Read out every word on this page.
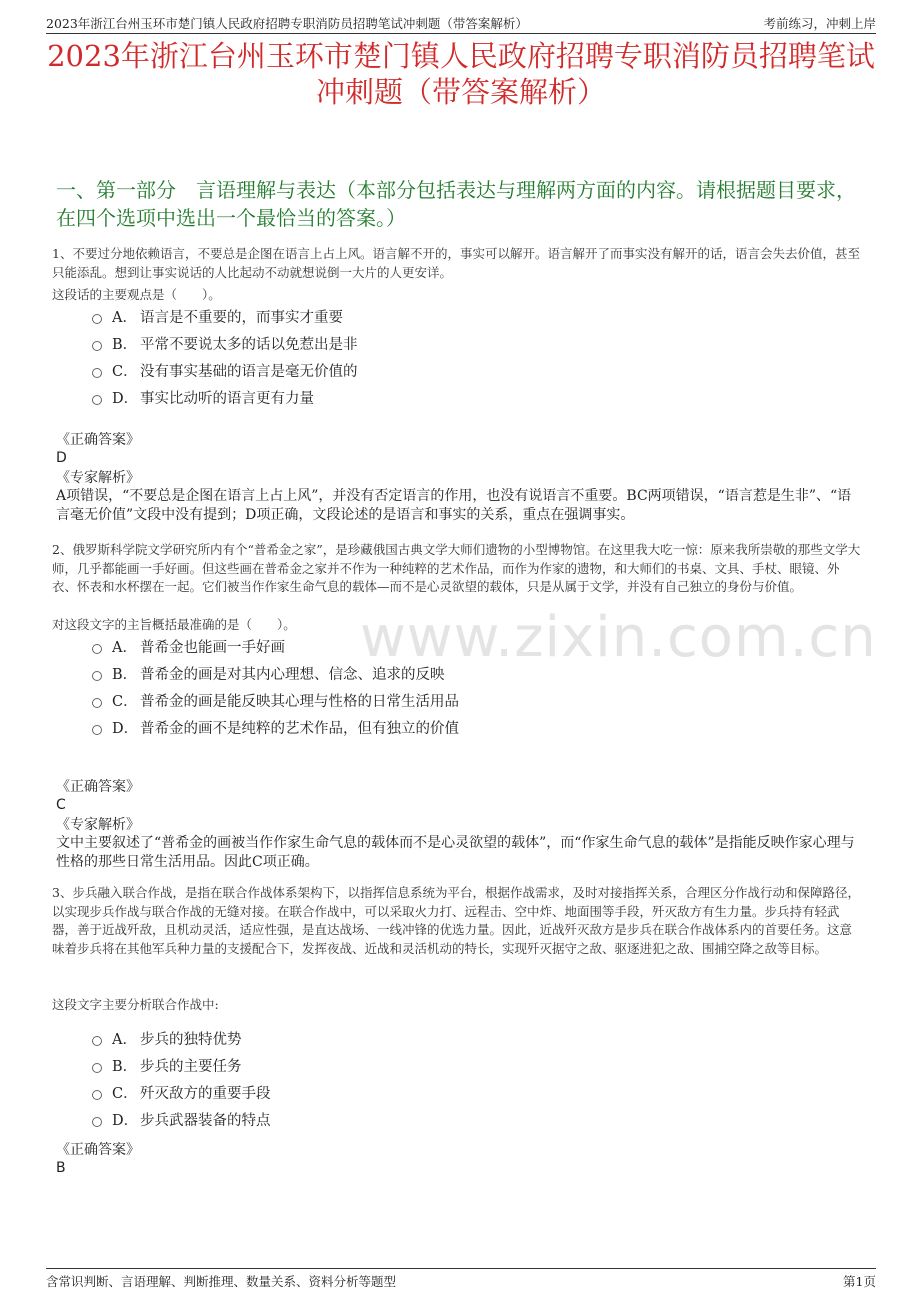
2023年浙江台州玉环市楚门镇人民政府招聘专职消防员招聘笔试冲刺题（带答案解析）	考前练习，冲刺上岸
2023年浙江台州玉环市楚门镇人民政府招聘专职消防员招聘笔试冲刺题（带答案解析）
一、第一部分　言语理解与表达（本部分包括表达与理解两方面的内容。请根据题目要求，在四个选项中选出一个最恰当的答案。）
1、不要过分地依赖语言，不要总是企图在语言上占上风。语言解不开的，事实可以解开。语言解开了而事实没有解开的话，语言会失去价值，甚至只能添乱。想到让事实说话的人比起动不动就想说倒一大片的人更安详。
这段话的主要观点是（　　）。
A． 语言是不重要的，而事实才重要
B． 平常不要说太多的话以免惹出是非
C． 没有事实基础的语言是毫无价值的
D． 事实比动听的语言更有力量
《正确答案》
D
《专家解析》
A项错误，“不要总是企图在语言上占上风”，并没有否定语言的作用，也没有说语言不重要。BC两项错误，“语言惹是生非”、“语言毫无价值”文段中没有提到；D项正确，文段论述的是语言和事实的关系，重点在强调事实。
2、俄罗斯科学院文学研究所内有个“普希金之家”，是珍藏俄国古典文学大师们遗物的小型博物馆。在这里我大吃一惊：原来我所崇敬的那些文学大师，几乎都能画一手好画。但这些画在普希金之家并不作为一种纯粹的艺术作品，而作为作家的遗物，和大师们的书桌、文具、手杖、眼镜、外衣、怀表和水杯摆在一起。它们被当作作家生命气息的载体—而不是心灵欲望的载体，只是从属于文学，并没有自己独立的身份与价值。
对这段文字的主旨概括最准确的是（　　）。
A． 普希金也能画一手好画
B． 普希金的画是对其内心理想、信念、追求的反映
C． 普希金的画是能反映其心理与性格的日常生活用品
D． 普希金的画不是纯粹的艺术作品，但有独立的价值
《正确答案》
C
《专家解析》
文中主要叙述了“普希金的画被当作作家生命气息的载体而不是心灵欲望的载体”，而“作家生命气息的载体”是指能反映作家心理与性格的那些日常生活用品。因此C项正确。
3、步兵融入联合作战，是指在联合作战体系架构下，以指挥信息系统为平台，根据作战需求，及时对接指挥关系，合理区分作战行动和保障路径，以实现步兵作战与联合作战的无缝对接。在联合作战中，可以采取火力打、远程击、空中炸、地面围等手段，歼灭敌方有生力量。步兵持有轻武器，善于近战歼敌，且机动灵活，适应性强，是直达战场、一线冲锋的优选力量。因此，近战歼灭敌方是步兵在联合作战体系内的首要任务。这意味着步兵将在其他军兵种力量的支援配合下，发挥夜战、近战和灵活机动的特长，实现歼灭据守之敌、驱逐进犯之敌、围捕空降之敌等目标。
这段文字主要分析联合作战中:
A． 步兵的独特优势
B． 步兵的主要任务
C． 歼灭敌方的重要手段
D． 步兵武器装备的特点
《正确答案》
B
www.zixin.com.cn
含常识判断、言语理解、判断推理、数量关系、资料分析等题型	第1页
